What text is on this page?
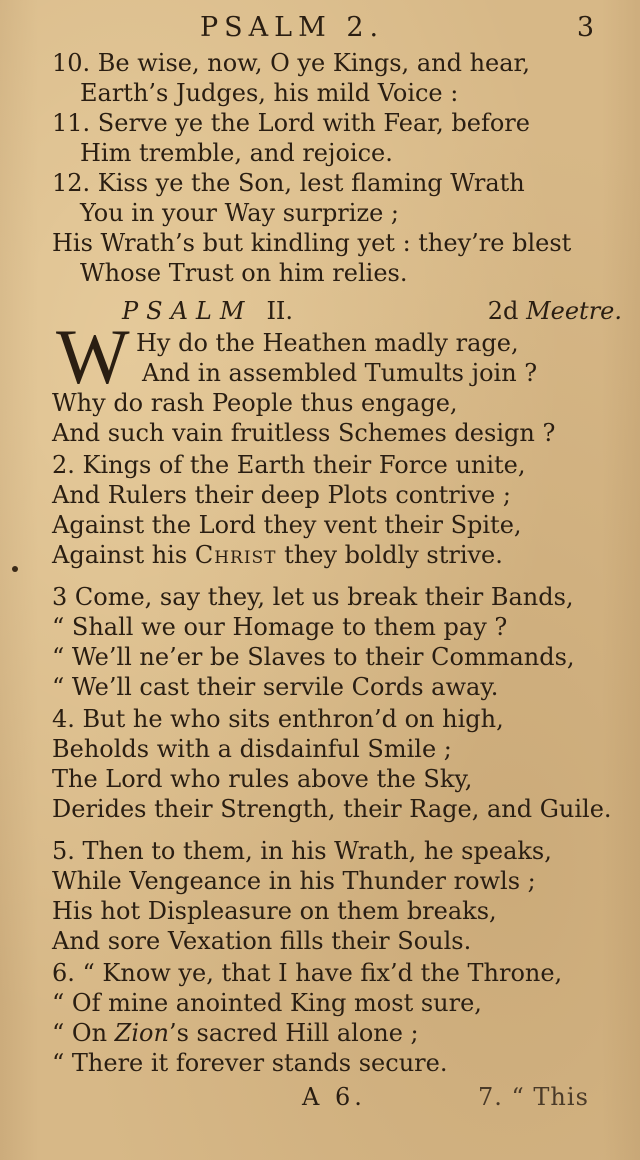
PSALM 2.	3
10. Be wise, now, O ye Kings, and hear,
Earth’s Judges, his mild Voice :
11. Serve ye the Lord with Fear, before
Him tremble, and rejoice.
12. Kiss ye the Son, lest flaming Wrath
You in your Way surprize ;
His Wrath’s but kindling yet : they’re blest
Whose Trust on him relies.
PSALM II.	2d Meetre.
W Hy do the Heathen madly rage,
And in assembled Tumults join ?
Why do rash People thus engage,
And such vain fruitless Schemes design ?
2. Kings of the Earth their Force unite,
And Rulers their deep Plots contrive ;
Against the Lord they vent their Spite,
Against his Christ they boldly strive.
3 Come, say they, let us break their Bands,
“ Shall we our Homage to them pay ?
“ We’ll ne’er be Slaves to their Commands,
“ We’ll cast their servile Cords away.
4. But he who sits enthron’d on high,
Beholds with a disdainful Smile ;
The Lord who rules above the Sky,
Derides their Strength, their Rage, and Guile.
5. Then to them, in his Wrath, he speaks,
While Vengeance in his Thunder rowls ;
His hot Displeasure on them breaks,
And sore Vexation fills their Souls.
6. “ Know ye, that I have fix’d the Throne,
“ Of mine anointed King most sure,
“ On Zion’s sacred Hill alone ;
“ There it forever stands secure.
A 6.	7. “ This
